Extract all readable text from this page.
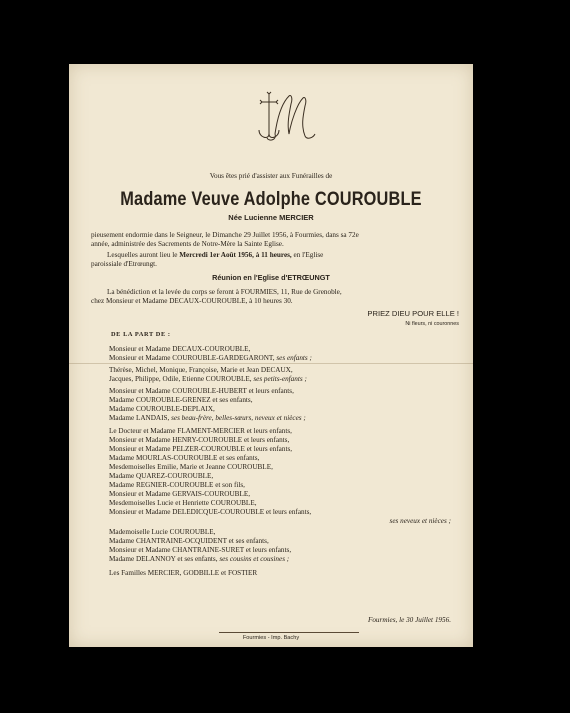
Vous êtes prié d'assister aux Funérailles de
Madame Veuve Adolphe COUROUBLE
Née Lucienne MERCIER
pieusement endormie dans le Seigneur, le Dimanche 29 Juillet 1956, à Fourmies, dans sa 72e
année, administrée des Sacrements de Notre-Mère la Sainte Eglise.
Lesquelles auront lieu le Mercredi 1er Août 1956, à 11 heures, en l'Eglise
paroissiale d'Etrœungt.
Réunion en l'Eglise d'ETRŒUNGT
La bénédiction et la levée du corps se feront à FOURMIES, 11, Rue de Grenoble,
chez Monsieur et Madame DECAUX-COUROUBLE, à 10 heures 30.
PRIEZ DIEU POUR ELLE !
Ni fleurs, ni couronnes
DE LA PART DE :
Monsieur et Madame DECAUX-COUROUBLE,
Monsieur et Madame COUROUBLE-GARDEGARONT, ses enfants ;
Thérèse, Michel, Monique, Françoise, Marie et Jean DECAUX,
Jacques, Philippe, Odile, Etienne COUROUBLE, ses petits-enfants ;
Monsieur et Madame COUROUBLE-HUBERT et leurs enfants,
Madame COUROUBLE-GRENEZ et ses enfants,
Madame COUROUBLE-DEPLAIX,
Madame LANDAIS, ses beau-frère, belles-sœurs, neveux et nièces ;
Le Docteur et Madame FLAMENT-MERCIER et leurs enfants,
Monsieur et Madame HENRY-COUROUBLE et leurs enfants,
Monsieur et Madame PELZER-COUROUBLE et leurs enfants,
Madame MOURLAS-COUROUBLE et ses enfants,
Mesdemoiselles Emilie, Marie et Jeanne COUROUBLE,
Madame QUAREZ-COUROUBLE,
Madame REGNIER-COUROUBLE et son fils,
Monsieur et Madame GERVAIS-COUROUBLE,
Mesdemoiselles Lucie et Henriette COUROUBLE,
Monsieur et Madame DELEDICQUE-COUROUBLE et leurs enfants,
ses neveux et nièces ;
Mademoiselle Lucie COUROUBLE,
Madame CHANTRAINE-OCQUIDENT et ses enfants,
Monsieur et Madame CHANTRAINE-SURET et leurs enfants,
Madame DELANNOY et ses enfants, ses cousins et cousines ;
Les Familles MERCIER, GODBILLE et FOSTIER
Fourmies, le 30 Juillet 1956.
Fourmies - Imp. Bachy
